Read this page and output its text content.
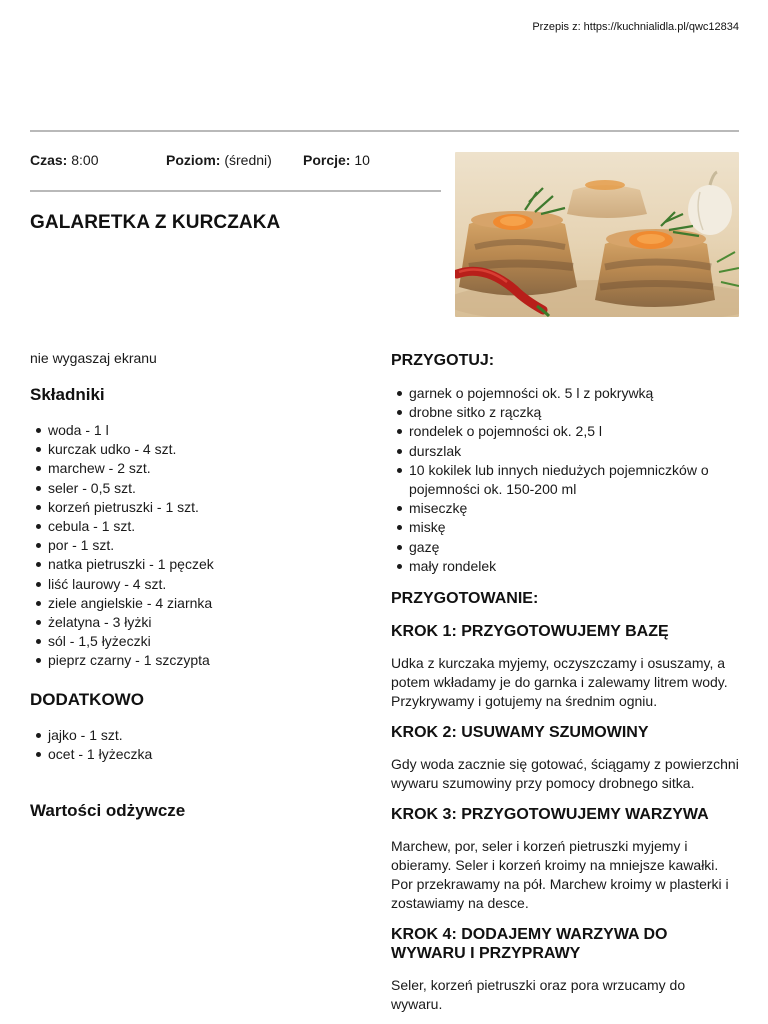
Przepis z: https://kuchnialidla.pl/qwc12834
Czas: 8:00	Poziom: (średni) Porcje: 10
GALARETKA Z KURCZAKA
nie wygaszaj ekranu
Składniki
woda - 1 l
kurczak udko - 4 szt.
marchew - 2 szt.
seler - 0,5 szt.
korzeń pietruszki - 1 szt.
cebula - 1 szt.
por - 1 szt.
natka pietruszki - 1 pęczek
liść laurowy - 4 szt.
ziele angielskie - 4 ziarnka
żelatyna - 3 łyżki
sól - 1,5 łyżeczki
pieprz czarny - 1 szczypta
DODATKOWO
jajko - 1 szt.
ocet - 1 łyżeczka
Wartości odżywcze
PRZYGOTUJ:
garnek o pojemności ok. 5 l z pokrywką
drobne sitko z rączką
rondelek o pojemności ok. 2,5 l
durszlak
10 kokilek lub innych niedużych pojemniczków o pojemności ok. 150-200 ml
miseczkę
miskę
gazę
mały rondelek
PRZYGOTOWANIE:
KROK 1: PRZYGOTOWUJEMY BAZĘ

Udka z kurczaka myjemy, oczyszczamy i osuszamy, a potem wkładamy je do garnka i zalewamy litrem wody. Przykrywamy i gotujemy na średnim ogniu.

KROK 2: USUWAMY SZUMOWINY

Gdy woda zacznie się gotować, ściągamy z powierzchni wywaru szumowiny przy pomocy drobnego sitka.

KROK 3: PRZYGOTOWUJEMY WARZYWA

Marchew, por, seler i korzeń pietruszki myjemy i obieramy. Seler i korzeń kroimy na mniejsze kawałki. Por przekrawamy na pół. Marchew kroimy w plasterki i zostawiamy na desce.

KROK 4: DODAJEMY WARZYWA DO WYWARU I PRZYPRAWY

Seler, korzeń pietruszki oraz pora wrzucamy do wywaru.
